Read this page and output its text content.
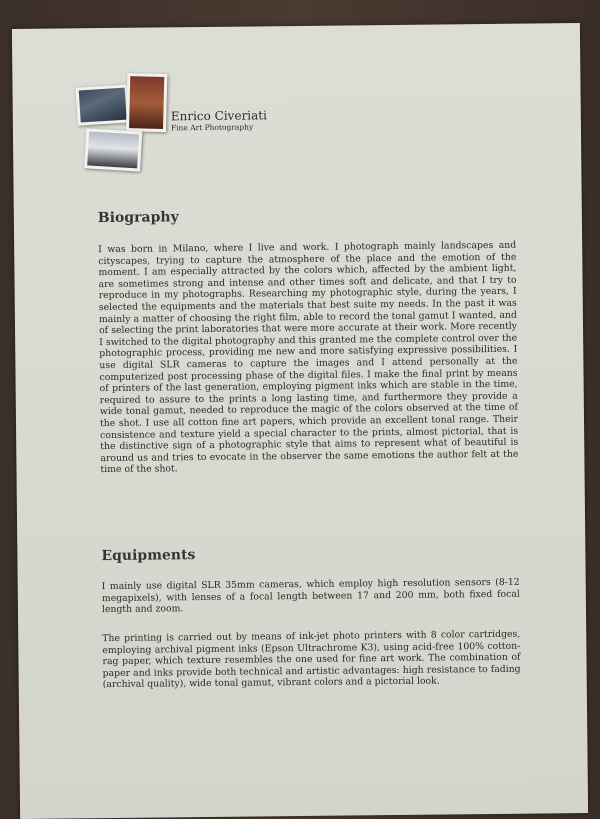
Enrico Civeriati
Fine Art Photography
Biography

I was born in Milano, where I live and work. I photograph mainly landscapes and cityscapes, trying to capture the atmosphere of the place and the emotion of the moment. I am especially attracted by the colors which, affected by the ambient light, are sometimes strong and intense and other times soft and delicate, and that I try to reproduce in my photographs. Researching my photographic style, during the years, I selected the equipments and the materials that best suite my needs. In the past it was mainly a matter of choosing the right film, able to record the tonal gamut I wanted, and of selecting the print laboratories that were more accurate at their work. More recently I switched to the digital photography and this granted me the complete control over the photographic process, providing me new and more satisfying expressive possibilities. I use digital SLR cameras to capture the images and I attend personally at the computerized post processing phase of the digital files. I make the final print by means of printers of the last generation, employing pigment inks which are stable in the time, required to assure to the prints a long lasting time, and furthermore they provide a wide tonal gamut, needed to reproduce the magic of the colors observed at the time of the shot. I use all cotton fine art papers, which provide an excellent tonal range. Their consistence and texture yield a special character to the prints, almost pictorial, that is the distinctive sign of a photographic style that aims to represent what of beautiful is around us and tries to evocate in the observer the same emotions the author felt at the time of the shot.

Equipments

I mainly use digital SLR 35mm cameras, which employ high resolution sensors (8-12 megapixels), with lenses of a focal length between 17 and 200 mm, both fixed focal length and zoom.

The printing is carried out by means of ink-jet photo printers with 8 color cartridges, employing archival pigment inks (Epson Ultrachrome K3), using acid-free 100% cotton-rag paper, which texture resembles the one used for fine art work. The combination of paper and inks provide both technical and artistic advantages: high resistance to fading (archival quality), wide tonal gamut, vibrant colors and a pictorial look.
